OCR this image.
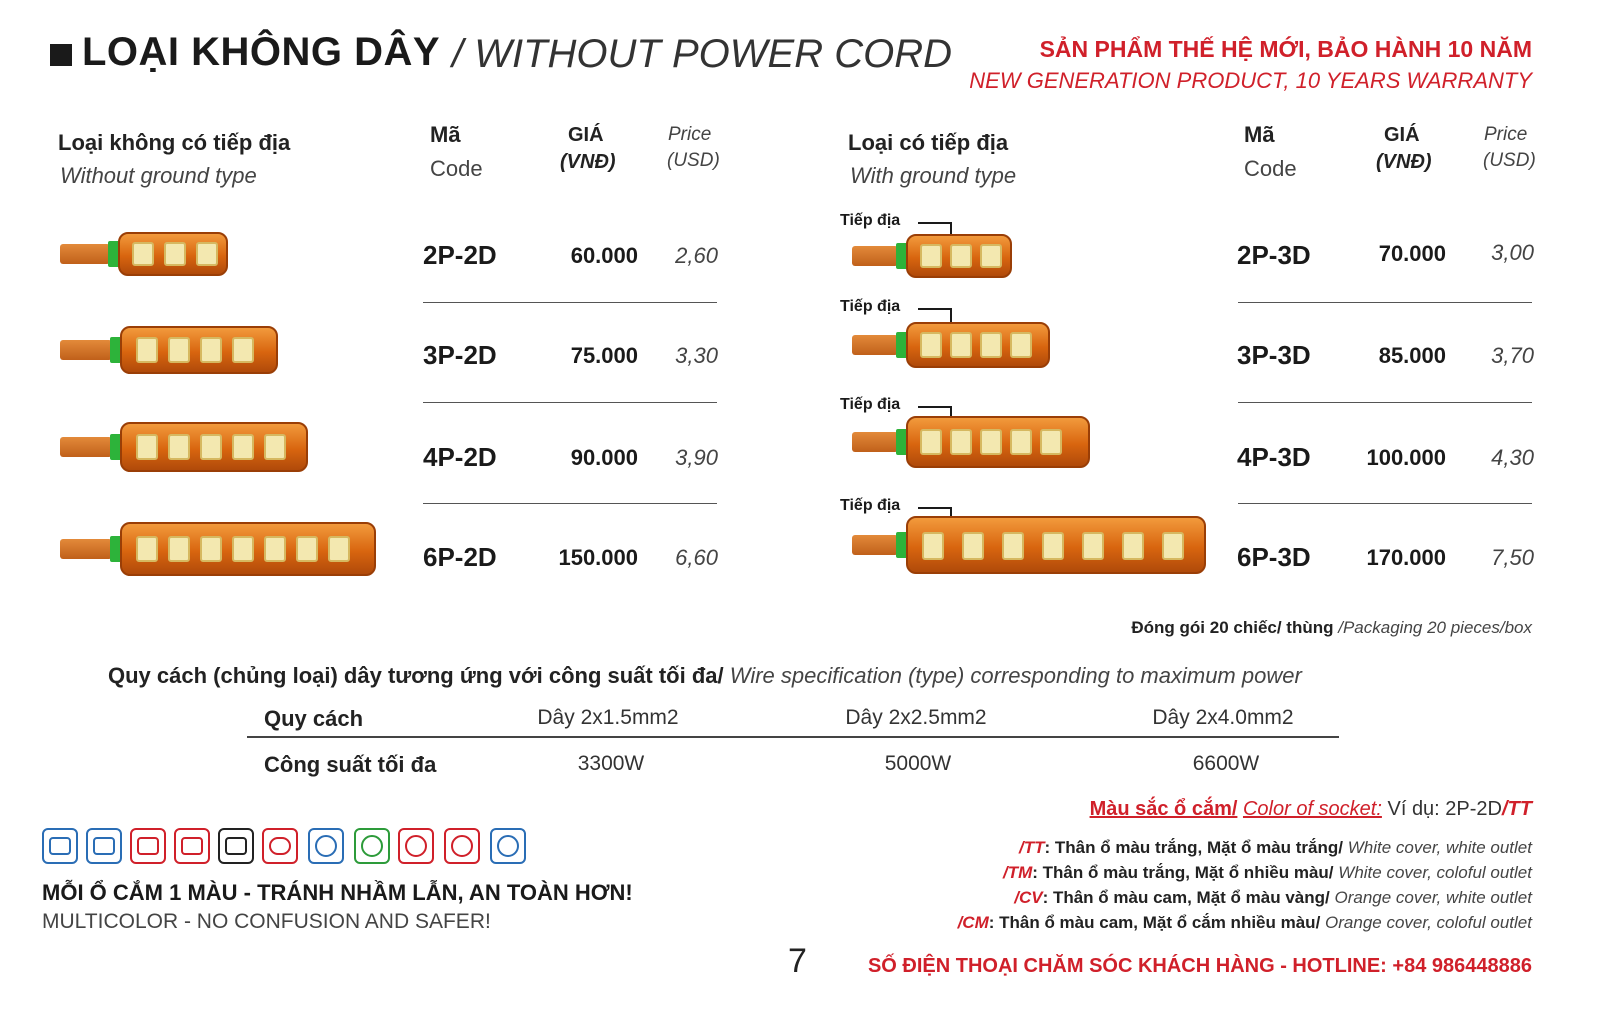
LOẠI KHÔNG DÂY / WITHOUT POWER CORD	SẢN PHẨM THẾ HỆ MỚI, BẢO HÀNH 10 NĂM
NEW GENERATION PRODUCT, 10 YEARS WARRANTY
Loại không có tiếp địa
Without ground type
Mã
Code
GIÁ
(VNĐ)
Price
(USD)
Loại có tiếp địa
With ground type
Mã
Code
GIÁ
(VNĐ)
Price
(USD)
2P-2D	60.000	2,60
3P-2D	75.000	3,30
4P-2D	90.000	3,90
6P-2D	150.000	6,60
2P-3D	70.000	3,00
3P-3D	85.000	3,70
4P-3D	100.000	4,30
6P-3D	170.000	7,50
Tiếp địa
Tiếp địa
Tiếp địa
Tiếp địa
Đóng gói 20 chiếc/ thùng /Packaging 20 pieces/box
Quy cách (chủng loại) dây tương ứng với công suất tối đa/ Wire specification (type) corresponding to maximum power
Quy cách	Dây 2x1.5mm2	Dây 2x2.5mm2	Dây 2x4.0mm2
Công suất tối đa	3300W	5000W	6600W
Màu sắc ổ cắm/ Color of socket: Ví dụ: 2P-2D/TT
/TT: Thân ổ màu trắng, Mặt ổ màu trắng/ White cover, white outlet
/TM: Thân ổ màu trắng, Mặt ổ nhiều màu/ White cover, coloful outlet
/CV: Thân ổ màu cam, Mặt ổ màu vàng/ Orange cover, white outlet
/CM: Thân ổ màu cam, Mặt ổ cắm nhiều màu/ Orange cover, coloful outlet
MỖI Ổ CẮM 1 MÀU - TRÁNH NHẦM LẪN, AN TOÀN HƠN!
MULTICOLOR - NO CONFUSION AND SAFER!
7	SỐ ĐIỆN THOẠI CHĂM SÓC KHÁCH HÀNG - HOTLINE: +84 986448886
